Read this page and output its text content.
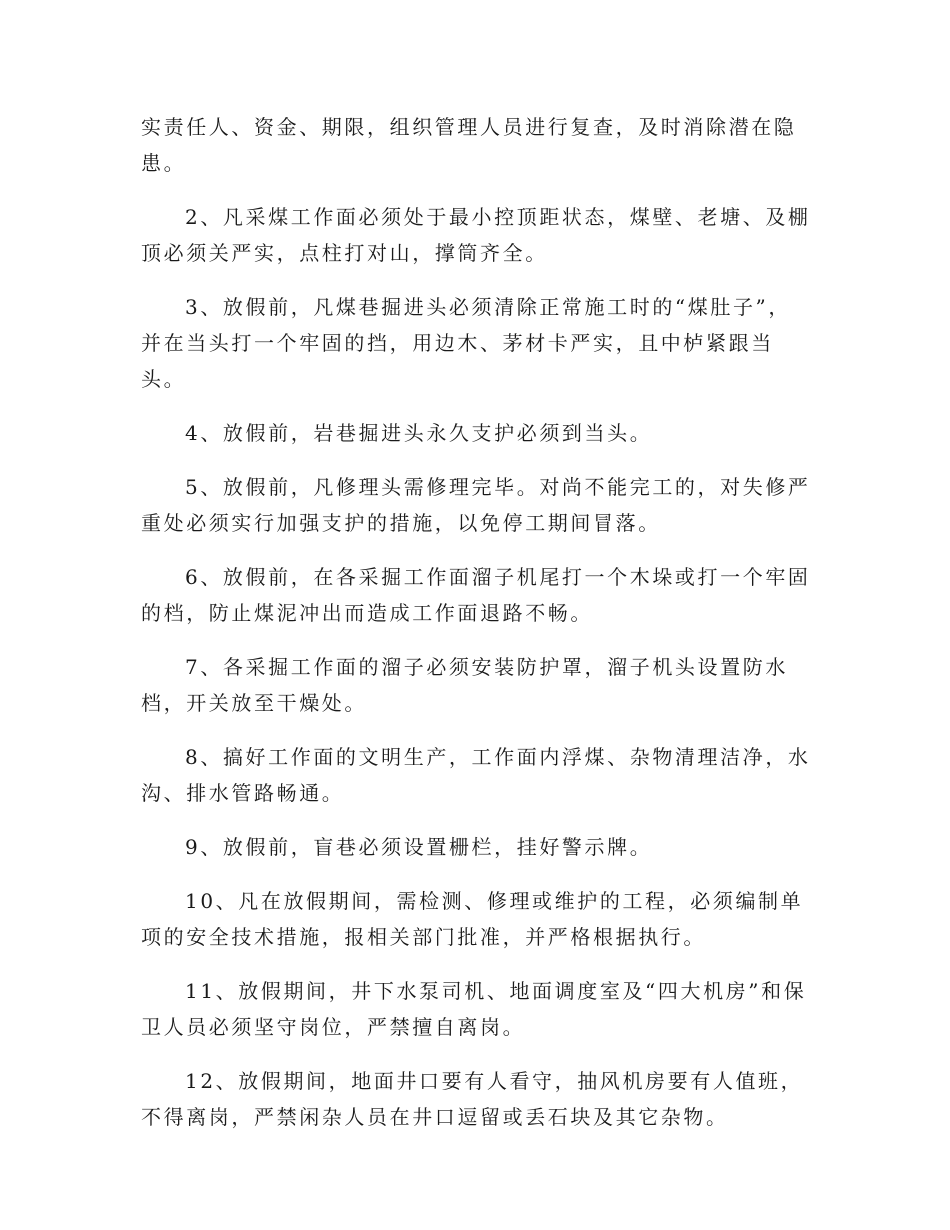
实责任人、资金、期限，组织管理人员进行复查，及时消除潜在隐患。

2、凡采煤工作面必须处于最小控顶距状态，煤壁、老塘、及棚顶必须关严实，点柱打对山，撑筒齐全。

3、放假前，凡煤巷掘进头必须清除正常施工时的“煤肚子”，并在当头打一个牢固的挡，用边木、茅材卡严实，且中栌紧跟当头。

4、放假前，岩巷掘进头永久支护必须到当头。

5、放假前，凡修理头需修理完毕。对尚不能完工的，对失修严重处必须实行加强支护的措施，以免停工期间冒落。

6、放假前，在各采掘工作面溜子机尾打一个木垛或打一个牢固的档，防止煤泥冲出而造成工作面退路不畅。

7、各采掘工作面的溜子必须安装防护罩，溜子机头设置防水档，开关放至干燥处。

8、搞好工作面的文明生产，工作面内浮煤、杂物清理洁净，水沟、排水管路畅通。

9、放假前，盲巷必须设置栅栏，挂好警示牌。

10、凡在放假期间，需检测、修理或维护的工程，必须编制单项的安全技术措施，报相关部门批准，并严格根据执行。

11、放假期间，井下水泵司机、地面调度室及“四大机房”和保卫人员必须坚守岗位，严禁擅自离岗。

12、放假期间，地面井口要有人看守，抽风机房要有人值班，不得离岗，严禁闲杂人员在井口逗留或丢石块及其它杂物。
